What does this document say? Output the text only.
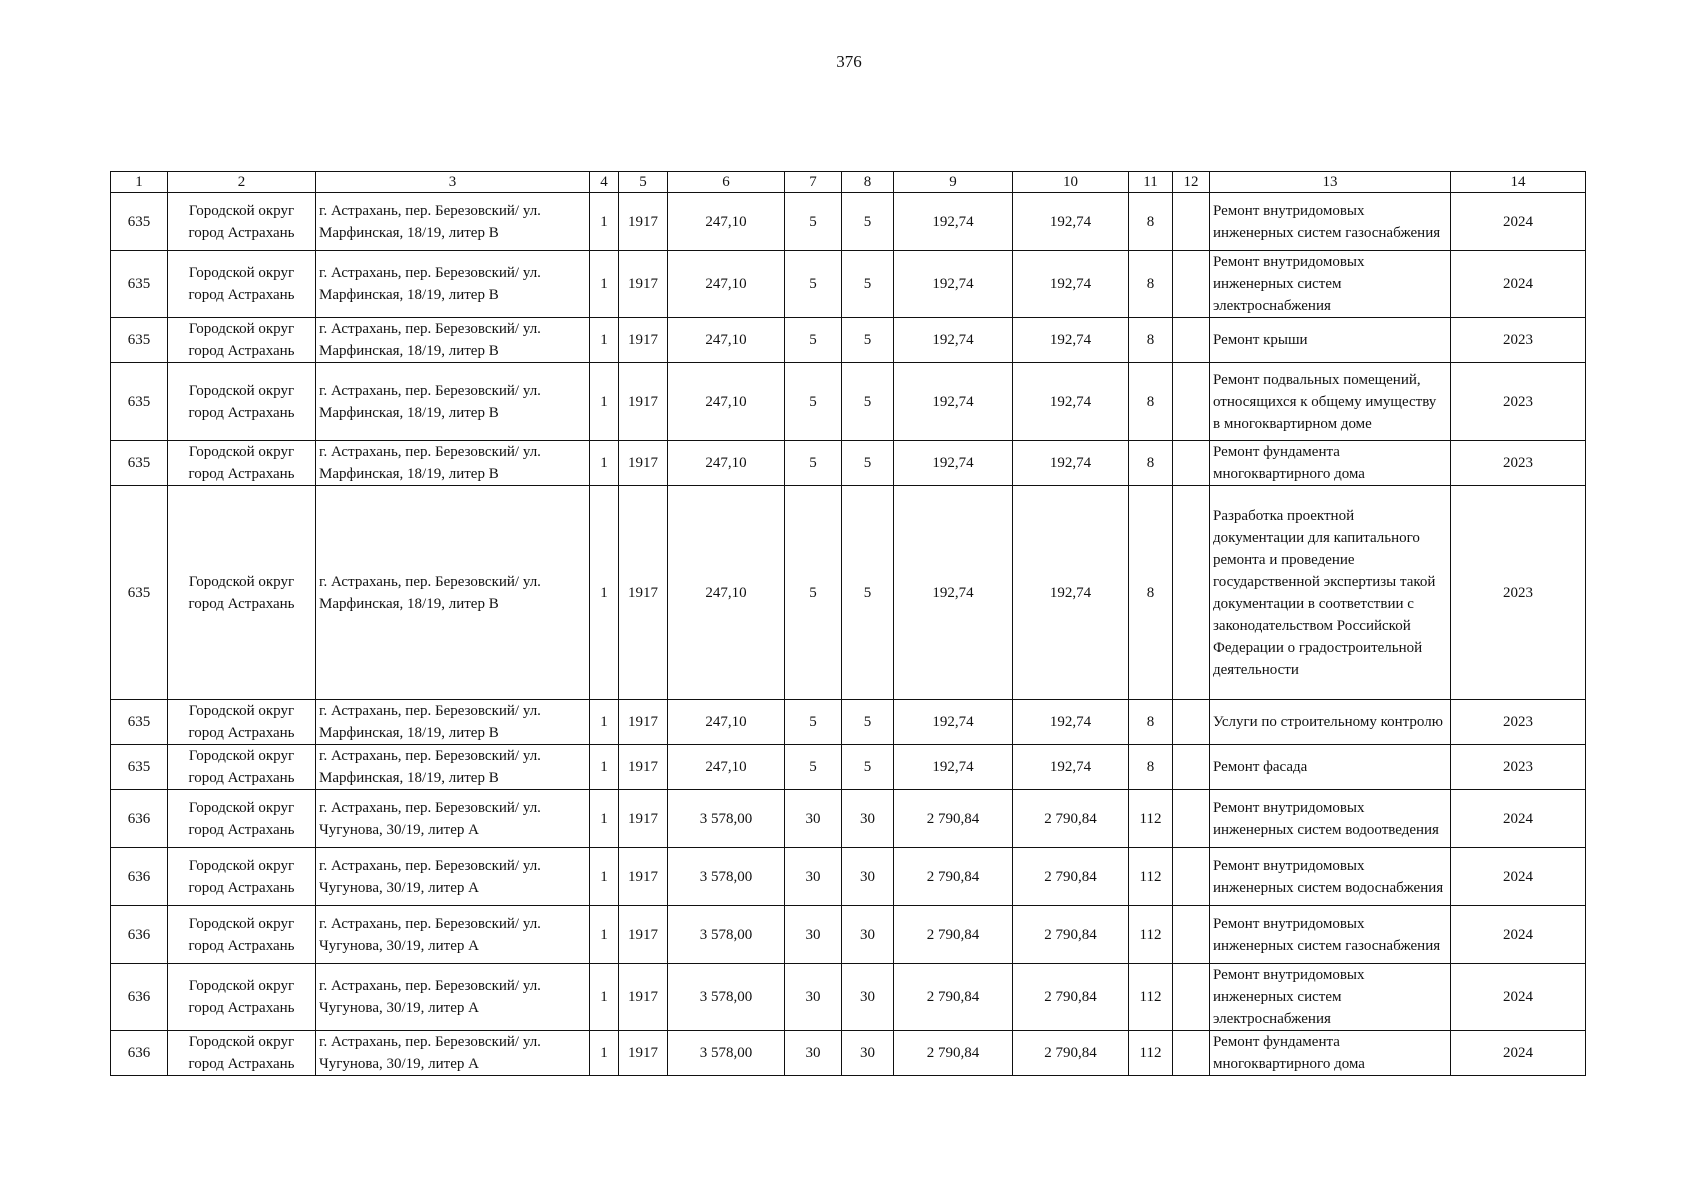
376
1	2	3	4	5	6	7	8	9	10	11	12	13	14
635	Городской округ город Астрахань	г. Астрахань, пер. Березовский/ ул. Марфинская, 18/19, литер В	1	1917	247,10	5	5	192,74	192,74	8		Ремонт внутридомовых инженерных систем газоснабжения	2024
635	Городской округ город Астрахань	г. Астрахань, пер. Березовский/ ул. Марфинская, 18/19, литер В	1	1917	247,10	5	5	192,74	192,74	8		Ремонт внутридомовых инженерных систем электроснабжения	2024
635	Городской округ город Астрахань	г. Астрахань, пер. Березовский/ ул. Марфинская, 18/19, литер В	1	1917	247,10	5	5	192,74	192,74	8		Ремонт крыши	2023
635	Городской округ город Астрахань	г. Астрахань, пер. Березовский/ ул. Марфинская, 18/19, литер В	1	1917	247,10	5	5	192,74	192,74	8		Ремонт подвальных помещений, относящихся к общему имуществу в многоквартирном доме	2023
635	Городской округ город Астрахань	г. Астрахань, пер. Березовский/ ул. Марфинская, 18/19, литер В	1	1917	247,10	5	5	192,74	192,74	8		Ремонт фундамента многоквартирного дома	2023
635	Городской округ город Астрахань	г. Астрахань, пер. Березовский/ ул. Марфинская, 18/19, литер В	1	1917	247,10	5	5	192,74	192,74	8		Разработка проектной документации для капитального ремонта и проведение государственной экспертизы такой документации в соответствии с законодательством Российской Федерации о градостроительной деятельности	2023
635	Городской округ город Астрахань	г. Астрахань, пер. Березовский/ ул. Марфинская, 18/19, литер В	1	1917	247,10	5	5	192,74	192,74	8		Услуги по строительному контролю	2023
635	Городской округ город Астрахань	г. Астрахань, пер. Березовский/ ул. Марфинская, 18/19, литер В	1	1917	247,10	5	5	192,74	192,74	8		Ремонт фасада	2023
636	Городской округ город Астрахань	г. Астрахань, пер. Березовский/ ул. Чугунова, 30/19, литер А	1	1917	3 578,00	30	30	2 790,84	2 790,84	112		Ремонт внутридомовых инженерных систем водоотведения	2024
636	Городской округ город Астрахань	г. Астрахань, пер. Березовский/ ул. Чугунова, 30/19, литер А	1	1917	3 578,00	30	30	2 790,84	2 790,84	112		Ремонт внутридомовых инженерных систем водоснабжения	2024
636	Городской округ город Астрахань	г. Астрахань, пер. Березовский/ ул. Чугунова, 30/19, литер А	1	1917	3 578,00	30	30	2 790,84	2 790,84	112		Ремонт внутридомовых инженерных систем газоснабжения	2024
636	Городской округ город Астрахань	г. Астрахань, пер. Березовский/ ул. Чугунова, 30/19, литер А	1	1917	3 578,00	30	30	2 790,84	2 790,84	112		Ремонт внутридомовых инженерных систем электроснабжения	2024
636	Городской округ город Астрахань	г. Астрахань, пер. Березовский/ ул. Чугунова, 30/19, литер А	1	1917	3 578,00	30	30	2 790,84	2 790,84	112		Ремонт фундамента многоквартирного дома	2024
